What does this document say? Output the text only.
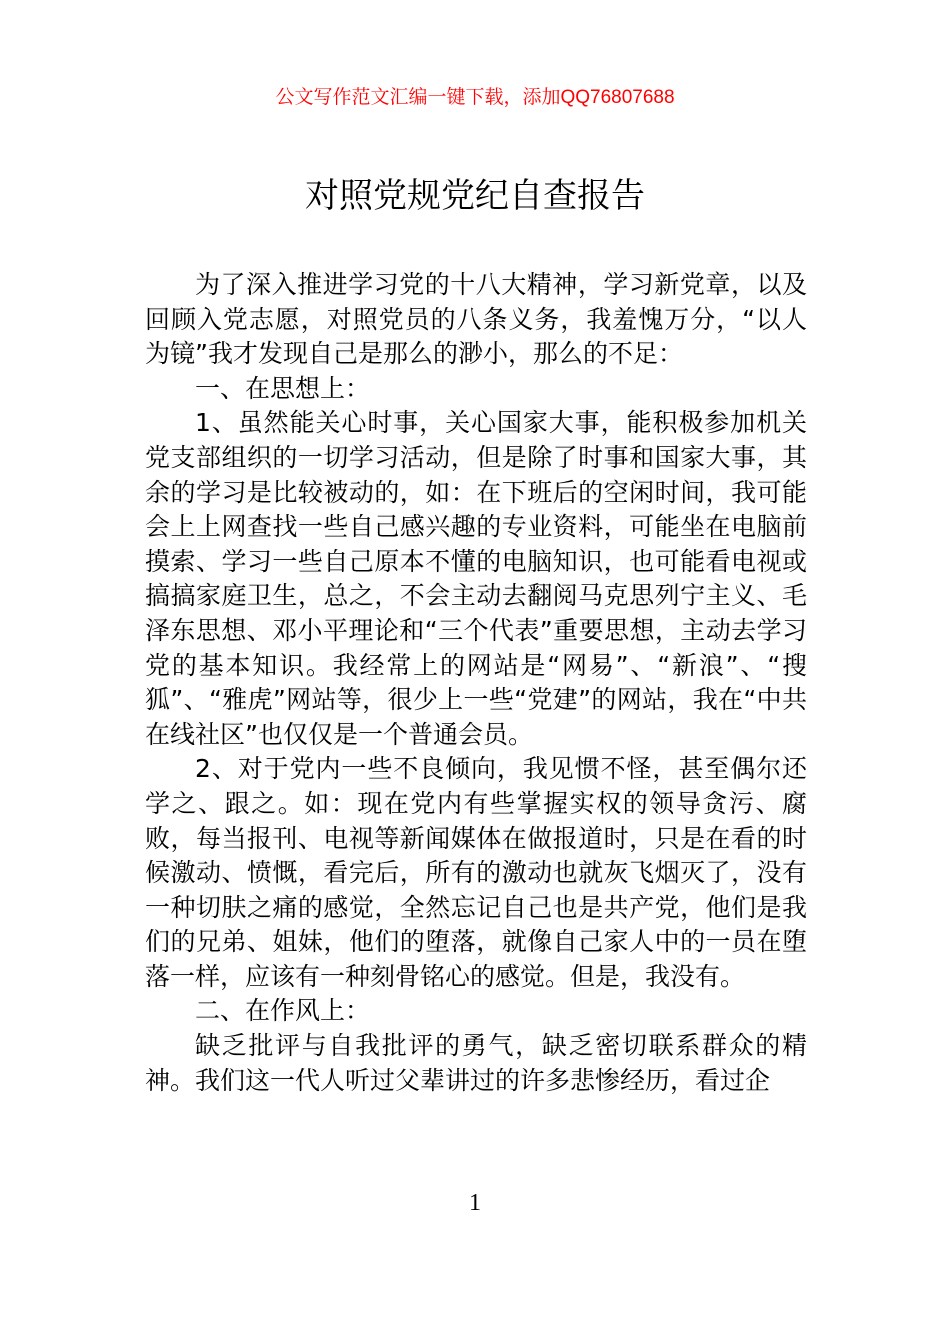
公文写作范文汇编一键下载，添加QQ76807688
对照党规党纪自查报告

为了深入推进学习党的十八大精神，学习新党章，以及回顾入党志愿，对照党员的八条义务，我羞愧万分，“以人为镜”我才发现自己是那么的渺小，那么的不足：

一、在思想上：

1、虽然能关心时事，关心国家大事，能积极参加机关党支部组织的一切学习活动，但是除了时事和国家大事，其余的学习是比较被动的，如：在下班后的空闲时间，我可能会上上网查找一些自己感兴趣的专业资料，可能坐在电脑前摸索、学习一些自己原本不懂的电脑知识，也可能看电视或搞搞家庭卫生，总之，不会主动去翻阅马克思列宁主义、毛泽东思想、邓小平理论和“三个代表”重要思想，主动去学习党的基本知识。我经常上的网站是“网易”、“新浪”、“搜狐”、“雅虎”网站等，很少上一些“党建”的网站，我在“中共在线社区”也仅仅是一个普通会员。

2、对于党内一些不良倾向，我见惯不怪，甚至偶尔还学之、跟之。如：现在党内有些掌握实权的领导贪污、腐败，每当报刊、电视等新闻媒体在做报道时，只是在看的时候激动、愤慨，看完后，所有的激动也就灰飞烟灭了，没有一种切肤之痛的感觉，全然忘记自己也是共产党，他们是我们的兄弟、姐妹，他们的堕落，就像自己家人中的一员在堕落一样，应该有一种刻骨铭心的感觉。但是，我没有。

二、在作风上：

缺乏批评与自我批评的勇气，缺乏密切联系群众的精神。我们这一代人听过父辈讲过的许多悲惨经历，看过企

1
